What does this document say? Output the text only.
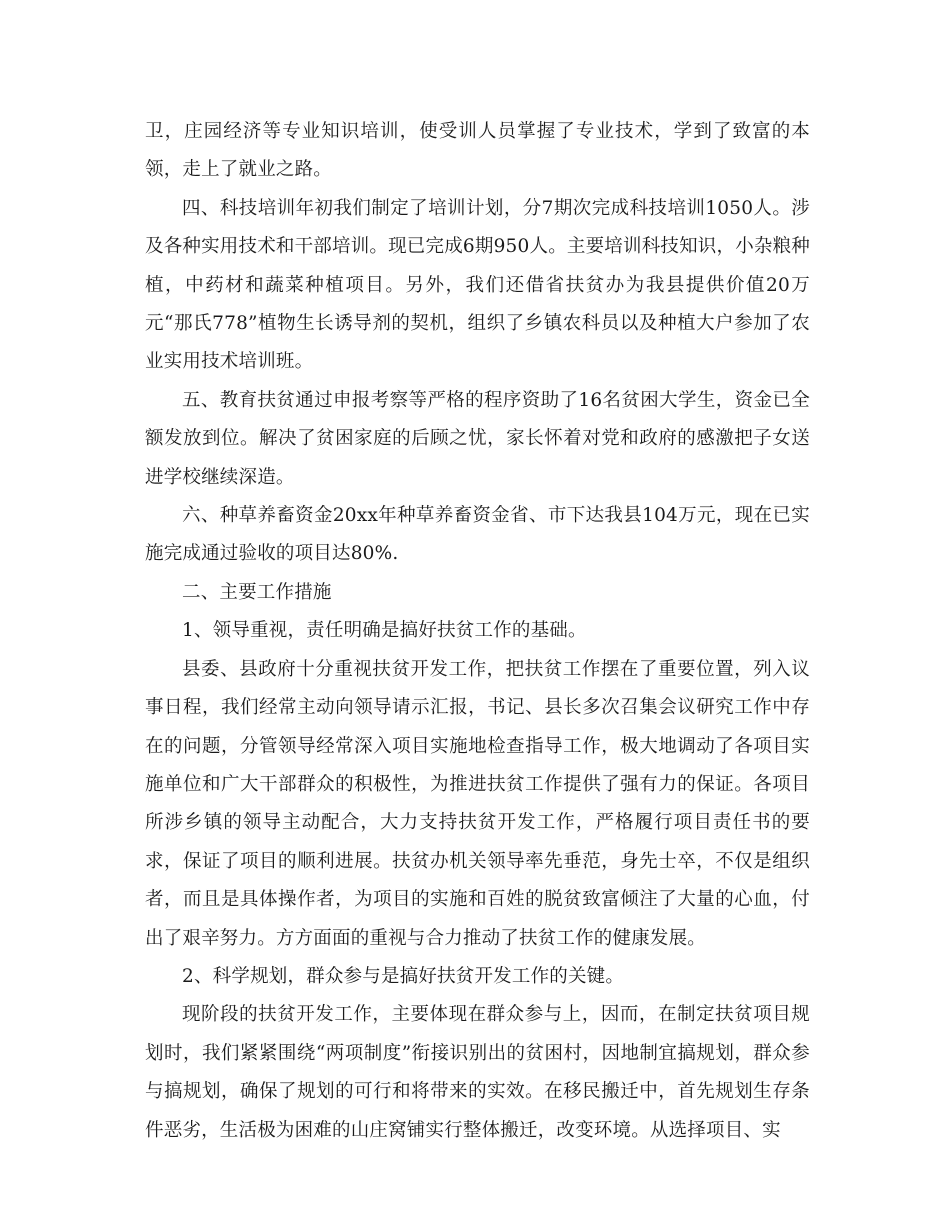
卫，庄园经济等专业知识培训，使受训人员掌握了专业技术，学到了致富的本领，走上了就业之路。

四、科技培训年初我们制定了培训计划，分7期次完成科技培训1050人。涉及各种实用技术和干部培训。现已完成6期950人。主要培训科技知识，小杂粮种植，中药材和蔬菜种植项目。另外，我们还借省扶贫办为我县提供价值20万元“那氏778”植物生长诱导剂的契机，组织了乡镇农科员以及种植大户参加了农业实用技术培训班。

五、教育扶贫通过申报考察等严格的程序资助了16名贫困大学生，资金已全额发放到位。解决了贫困家庭的后顾之忧，家长怀着对党和政府的感激把子女送进学校继续深造。

六、种草养畜资金20xx年种草养畜资金省、市下达我县104万元，现在已实施完成通过验收的项目达80%.

二、主要工作措施

1、领导重视，责任明确是搞好扶贫工作的基础。

县委、县政府十分重视扶贫开发工作，把扶贫工作摆在了重要位置，列入议事日程，我们经常主动向领导请示汇报，书记、县长多次召集会议研究工作中存在的问题，分管领导经常深入项目实施地检查指导工作，极大地调动了各项目实施单位和广大干部群众的积极性，为推进扶贫工作提供了强有力的保证。各项目所涉乡镇的领导主动配合，大力支持扶贫开发工作，严格履行项目责任书的要求，保证了项目的顺利进展。扶贫办机关领导率先垂范，身先士卒，不仅是组织者，而且是具体操作者，为项目的实施和百姓的脱贫致富倾注了大量的心血，付出了艰辛努力。方方面面的重视与合力推动了扶贫工作的健康发展。

2、科学规划，群众参与是搞好扶贫开发工作的关键。

现阶段的扶贫开发工作，主要体现在群众参与上，因而，在制定扶贫项目规划时，我们紧紧围绕“两项制度”衔接识别出的贫困村，因地制宜搞规划，群众参与搞规划，确保了规划的可行和将带来的实效。在移民搬迁中，首先规划生存条件恶劣，生活极为困难的山庄窝铺实行整体搬迁，改变环境。从选择项目、实
